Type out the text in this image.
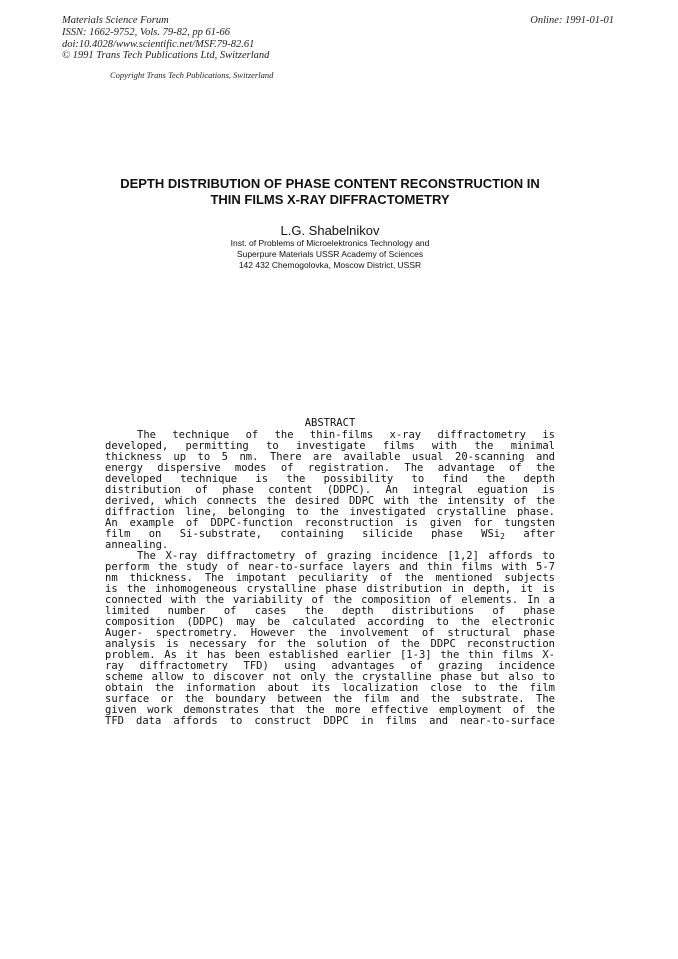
Materials Science Forum
ISSN: 1662-9752, Vols. 79-82, pp 61-66
doi:10.4028/www.scientific.net/MSF.79-82.61
© 1991 Trans Tech Publications Ltd, Switzerland
Online: 1991-01-01
Copyright Trans Tech Publications, Switzerland
DEPTH DISTRIBUTION OF PHASE CONTENT RECONSTRUCTION IN
THIN FILMS X-RAY DIFFRACTOMETRY
L.G. Shabelnikov
Inst. of Problems of Microelektronics Technology and
Superpure Materials USSR Academy of Sciences
142 432 Chemogolovka, Moscow District, USSR
ABSTRACT
The technique of the thin-films x-ray diffractometry is
developed, permitting to investigate films with the minimal
thickness up to 5 nm. There are available usual 20-scanning and
energy dispersive modes of registration. The advantage of the
developed technique is the possibility to find the depth
distribution of phase content (DDPC). An integral eguation is
derived, which connects the desired DDPC with the intensity of the
diffraction line, belonging to the investigated crystalline phase.
An example of DDPC-function reconstruction is given for tungsten
film on Si-substrate, containing silicide phase WSi$_2$ after
annealing.
The X-ray diffractometry of grazing incidence [1,2] affords to
perform the study of near-to-surface layers and thin films with 5-7
nm thickness. The impotant peculiarity of the mentioned subjects
is the inhomogeneous crystalline phase distribution in depth, it is
connected with the variability of the composition of elements. In a
limited number of cases the depth distributions of phase
composition (DDPC) may be calculated according to the electronic
Auger- spectrometry. However the involvement of structural phase
analysis is necessary for the solution of the DDPC reconstruction
problem. As it has been established earlier [1-3] the thin films X-
ray diffractometry TFD) using advantages of grazing incidence
scheme allow to discover not only the crystalline phase but also to
obtain the information about its localization close to the film
surface or the boundary between the film and the substrate. The
given work demonstrates that the more effective employment of the
TFD data affords to construct DDPC in films and near-to-surface
